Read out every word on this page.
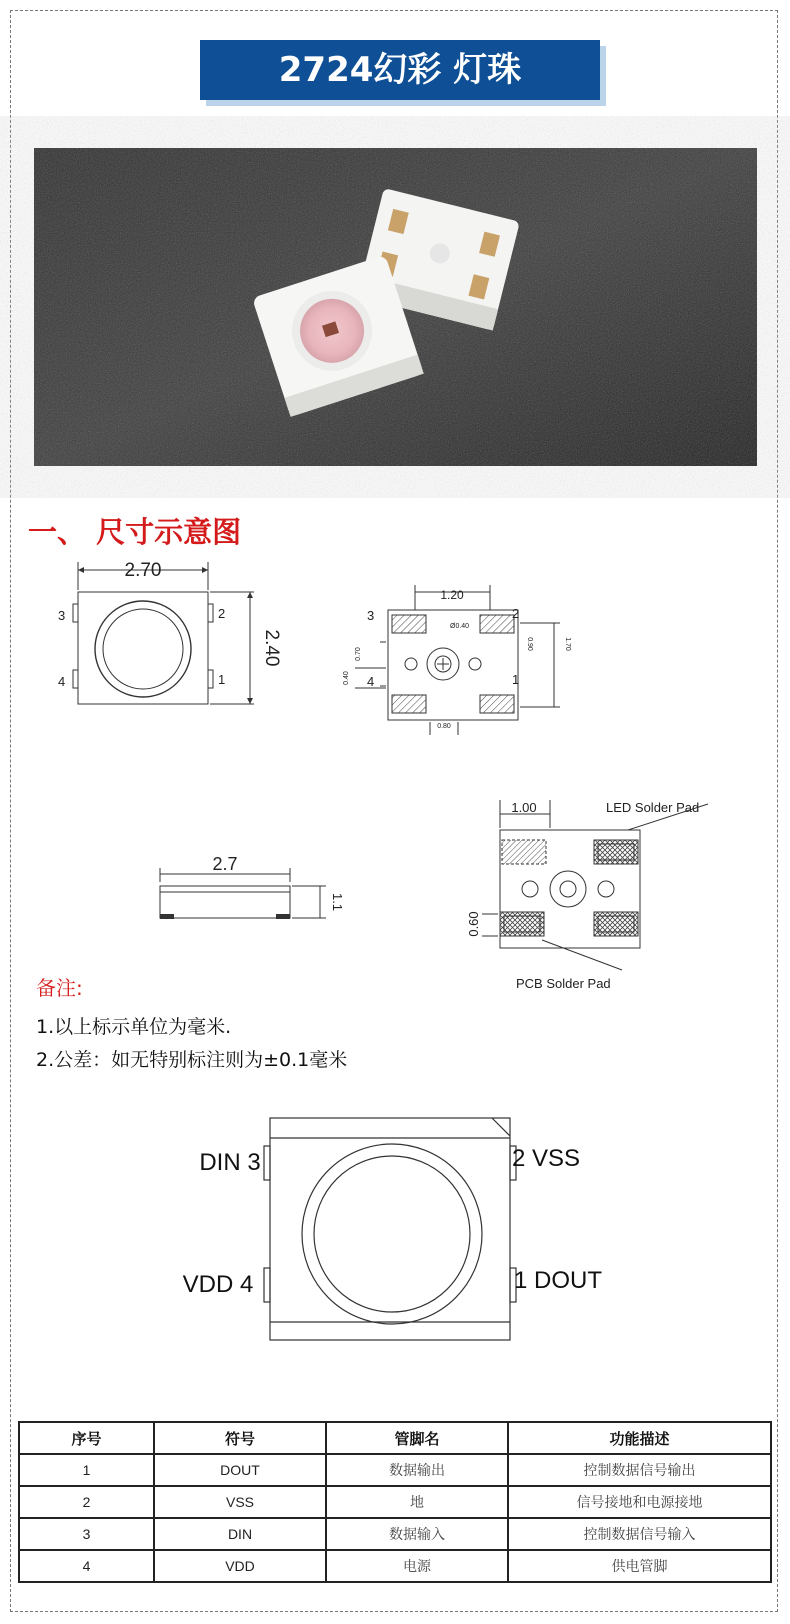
2724幻彩 灯珠
一、 尺寸示意图
2.70
2.40
3	2
4	1
1.20
Ø0.40
0.70
0.40
0.90	1.70
0.80
3	2
4	1
2.7
1.1
1.00
0.60
LED Solder Pad
PCB Solder Pad
备注:
1.以上标示单位为毫米.
2.公差：如无特别标注则为±0.1毫米
DIN 3	2 VSS
VDD 4	1 DOUT
序号	符号	管脚名	功能描述
1	DOUT	数据输出	控制数据信号输出
2	VSS	地	信号接地和电源接地
3	DIN	数据输入	控制数据信号输入
4	VDD	电源	供电管脚
